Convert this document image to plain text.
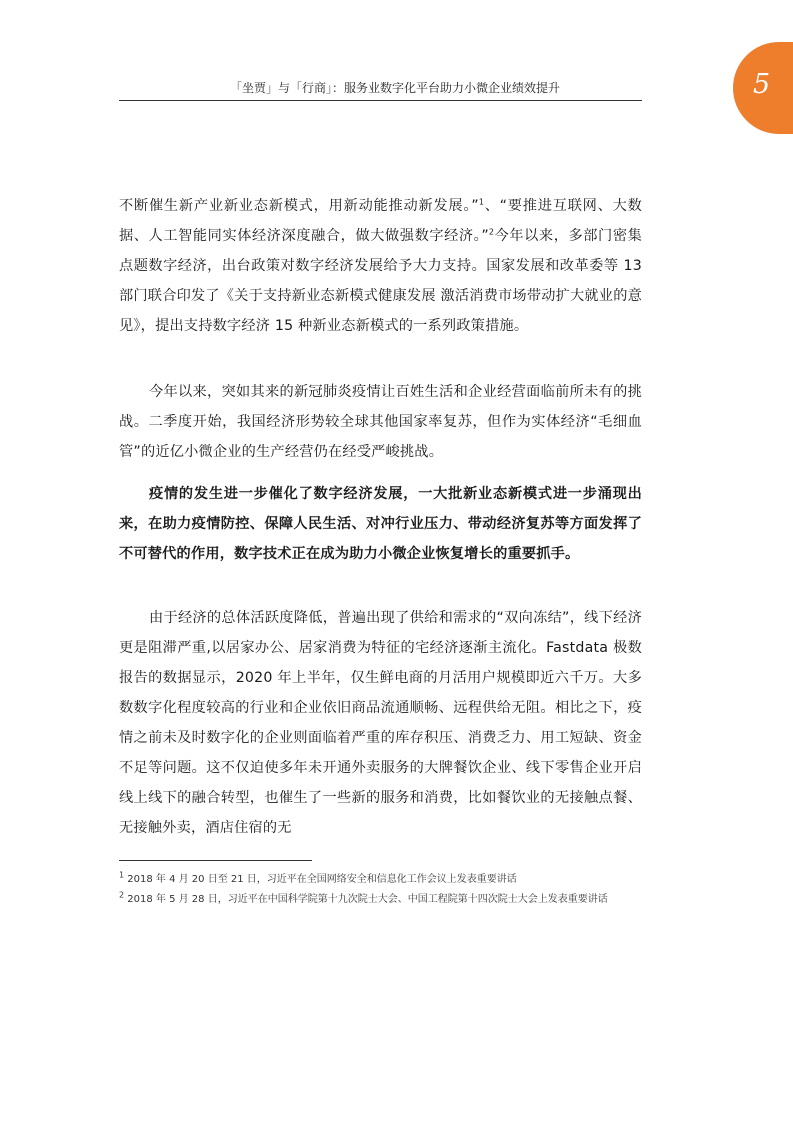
「坐贾」与「行商」：服务业数字化平台助力小微企业绩效提升	5

不断催生新产业新业态新模式，用新动能推动新发展。”$^1$、“要推进互联网、大数据、人工智能同实体经济深度融合，做大做强数字经济。”$^2$今年以来，多部门密集点题数字经济，出台政策对数字经济发展给予大力支持。国家发展和改革委等 13 部门联合印发了《关于支持新业态新模式健康发展 激活消费市场带动扩大就业的意见》，提出支持数字经济 15 种新业态新模式的一系列政策措施。

今年以来，突如其来的新冠肺炎疫情让百姓生活和企业经营面临前所未有的挑战。二季度开始，我国经济形势较全球其他国家率复苏，但作为实体经济“毛细血管”的近亿小微企业的生产经营仍在经受严峻挑战。

疫情的发生进一步催化了数字经济发展，一大批新业态新模式进一步涌现出来，在助力疫情防控、保障人民生活、对冲行业压力、带动经济复苏等方面发挥了不可替代的作用，数字技术正在成为助力小微企业恢复增长的重要抓手。

由于经济的总体活跃度降低，普遍出现了供给和需求的“双向冻结”，线下经济更是阻滞严重,以居家办公、居家消费为特征的宅经济逐渐主流化。Fastdata 极数报告的数据显示，2020 年上半年，仅生鲜电商的月活用户规模即近六千万。大多数数字化程度较高的行业和企业依旧商品流通顺畅、远程供给无阻。相比之下，疫情之前未及时数字化的企业则面临着严重的库存积压、消费乏力、用工短缺、资金不足等问题。这不仅迫使多年未开通外卖服务的大牌餐饮企业、线下零售企业开启线上线下的融合转型，也催生了一些新的服务和消费，比如餐饮业的无接触点餐、无接触外卖，酒店住宿的无

$^1$ 2018 年 4 月 20 日至 21 日，习近平在全国网络安全和信息化工作会议上发表重要讲话

$^2$ 2018 年 5 月 28 日，习近平在中国科学院第十九次院士大会、中国工程院第十四次院士大会上发表重要讲话
